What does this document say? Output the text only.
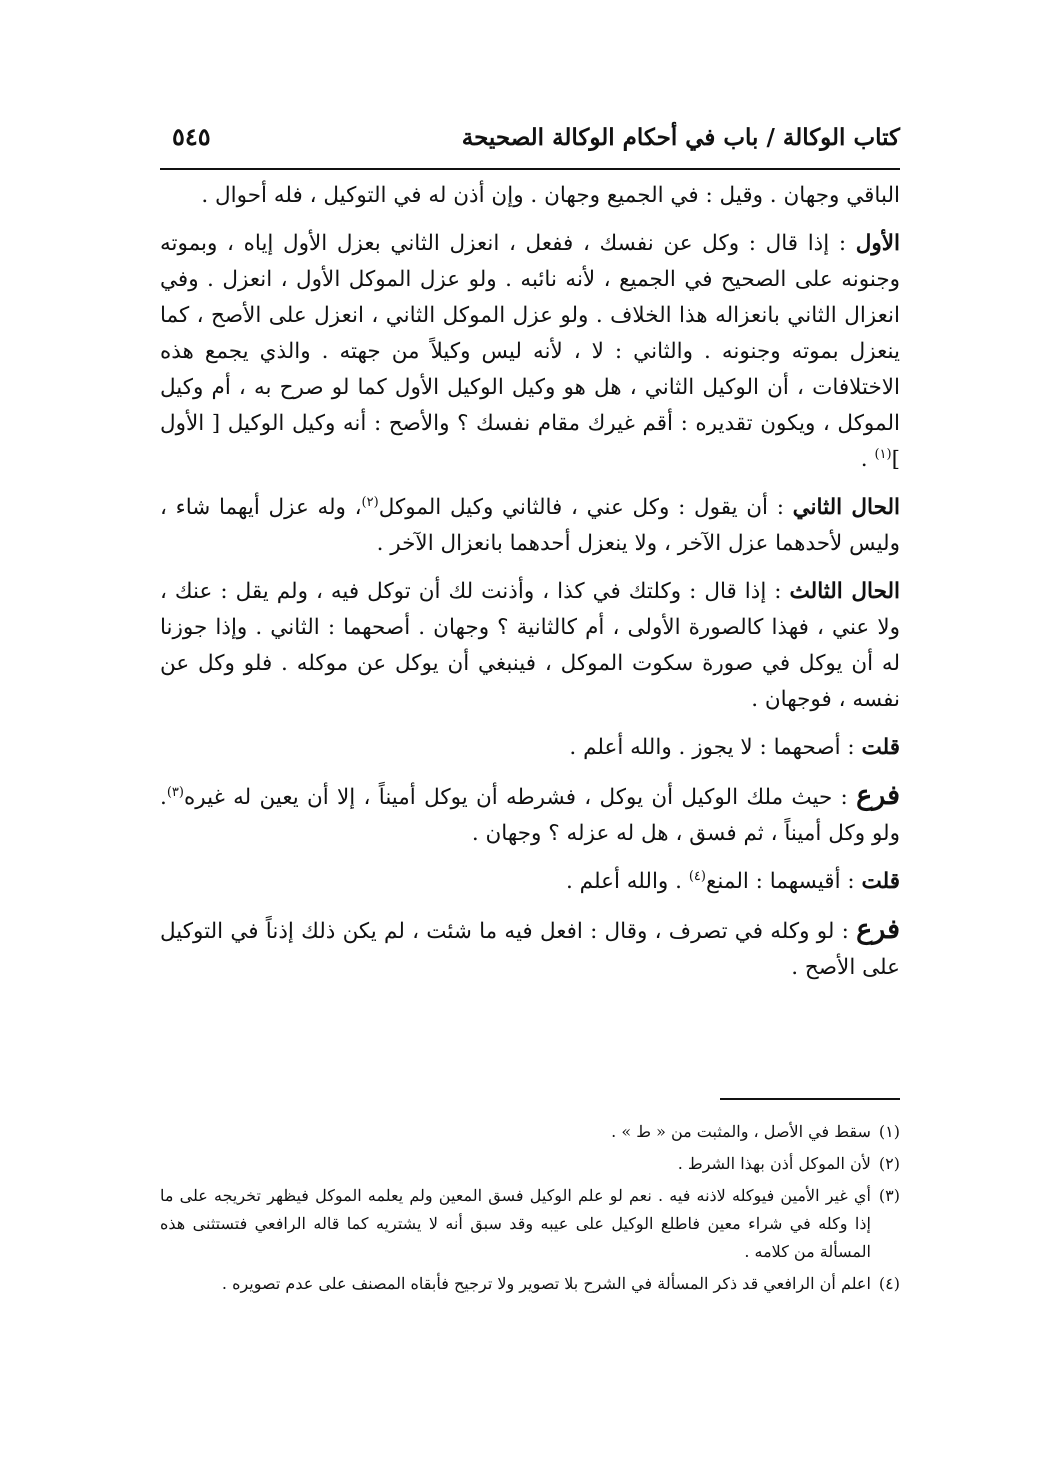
كتاب الوكالة / باب في أحكام الوكالة الصحيحة
٥٤٥

الباقي وجهان . وقيل : في الجميع وجهان . وإن أذن له في التوكيل ، فله أحوال .

الأول : إذا قال : وكل عن نفسك ، ففعل ، انعزل الثاني بعزل الأول إياه ، وبموته وجنونه على الصحيح في الجميع ، لأنه نائبه . ولو عزل الموكل الأول ، انعزل . وفي انعزال الثاني بانعزاله هذا الخلاف . ولو عزل الموكل الثاني ، انعزل على الأصح ، كما ينعزل بموته وجنونه . والثاني : لا ، لأنه ليس وكيلاً من جهته . والذي يجمع هذه الاختلافات ، أن الوكيل الثاني ، هل هو وكيل الوكيل الأول كما لو صرح به ، أم وكيل الموكل ، ويكون تقديره : أقم غيرك مقام نفسك ؟ والأصح : أنه وكيل الوكيل [ الأول ]$^{(١)}$ .

الحال الثاني : أن يقول : وكل عني ، فالثاني وكيل الموكل$^{(٢)}$، وله عزل أيهما شاء ، وليس لأحدهما عزل الآخر ، ولا ينعزل أحدهما بانعزال الآخر .

الحال الثالث : إذا قال : وكلتك في كذا ، وأذنت لك أن توكل فيه ، ولم يقل : عنك ، ولا عني ، فهذا كالصورة الأولى ، أم كالثانية ؟ وجهان . أصحهما : الثاني . وإذا جوزنا له أن يوكل في صورة سكوت الموكل ، فينبغي أن يوكل عن موكله . فلو وكل عن نفسه ، فوجهان .

قلت : أصحهما : لا يجوز . والله أعلم .

فرع : حيث ملك الوكيل أن يوكل ، فشرطه أن يوكل أميناً ، إلا أن يعين له غيره$^{(٣)}$. ولو وكل أميناً ، ثم فسق ، هل له عزله ؟ وجهان .

قلت : أقيسهما : المنع$^{(٤)}$ . والله أعلم .

فرع : لو وكله في تصرف ، وقال : افعل فيه ما شئت ، لم يكن ذلك إذناً في التوكيل على الأصح .

(١)
سقط في الأصل ، والمثبت من « ط » .
(٢)
لأن الموكل أذن بهذا الشرط .
(٣)
أي غير الأمين فيوكله لاذنه فيه . نعم لو علم الوكيل فسق المعين ولم يعلمه الموكل فيظهر تخريجه على ما إذا وكله في شراء معين فاطلع الوكيل على عيبه وقد سبق أنه لا يشتريه كما قاله الرافعي فتستثنى هذه المسألة من كلامه .
(٤)
اعلم أن الرافعي قد ذكر المسألة في الشرح بلا تصوير ولا ترجيح فأبقاه المصنف على عدم تصويره .
